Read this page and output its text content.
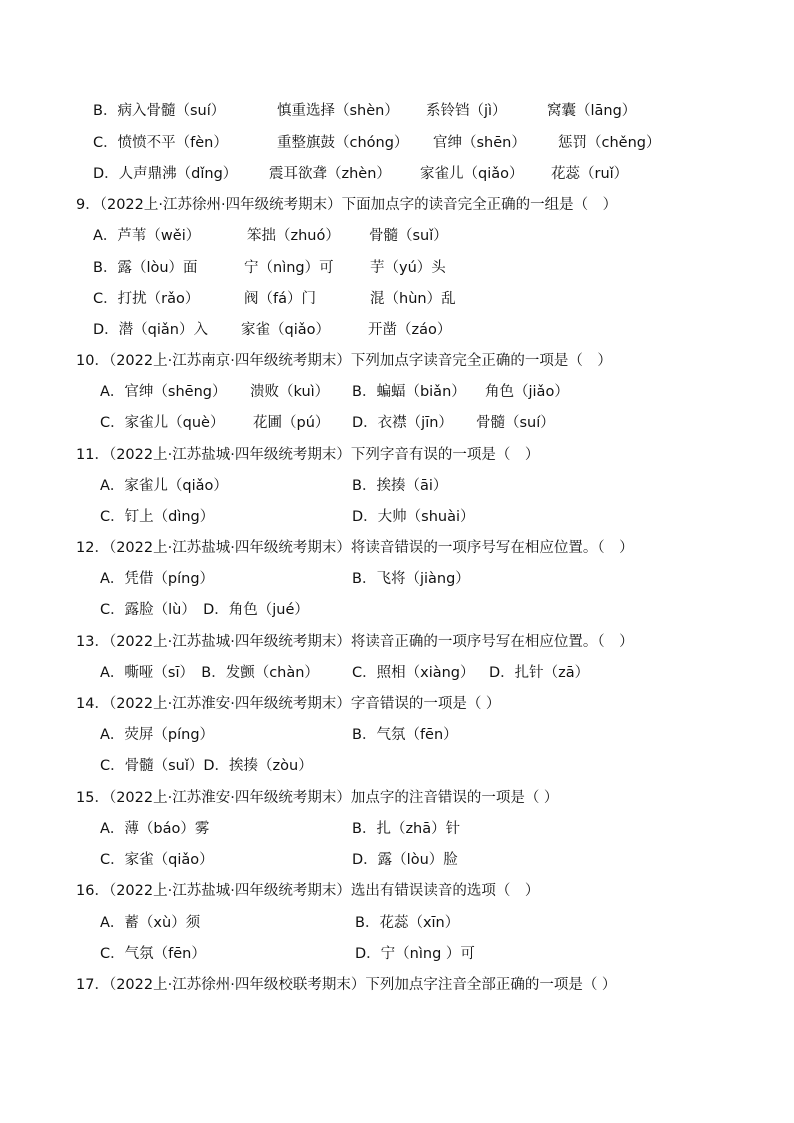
B．病入骨髓（suí）	慎重选择（shèn） 系铃铛（jì）	窝囊（lāng）
C．愤愤不平（fèn）	重整旗鼓（chóng） 官绅（shēn） 惩罚（chěng）
D．人声鼎沸（dǐng） 震耳欲聋（zhèn） 家雀儿（qiǎo） 花蕊（ruǐ）
9．（2022上·江苏徐州·四年级统考期末）下面加点字的读音完全正确的一组是（　）
A．芦苇（wěi）	笨拙（zhuó） 骨髓（suǐ）
B．露（lòu）面	宁（nìng）可	芋（yú）头
C．打扰（rǎo）	阀（fá）门	混（hùn）乱
D．潜（qiǎn）入 家雀（qiǎo）	开凿（záo）
10．（2022上·江苏南京·四年级统考期末）下列加点字读音完全正确的一项是（　）
A．官绅（shēng） 溃败（kuì） B．蝙蝠（biǎn） 角色（jiǎo）
C．家雀儿（què） 花圃（pú） D．衣襟（jīn） 骨髓（suí）
11．（2022上·江苏盐城·四年级统考期末）下列字音有误的一项是（　）
A．家雀儿（qiǎo）	B．挨揍（āi）
C．钉上（dìng）	D．大帅（shuài）
12．（2022上·江苏盐城·四年级统考期末）将读音错误的一项序号写在相应位置。（　）
A．凭借（píng）	B．飞将（jiàng）
C．露脸（lù）　D．角色（jué）
13．（2022上·江苏盐城·四年级统考期末）将读音正确的一项序号写在相应位置。（　）
A．嘶哑（sī）　B．发颤（chàn） C．照相（xiàng） D．扎针（zā）
14．（2022上·江苏淮安·四年级统考期末）字音错误的一项是（ ）
A．荧屏（píng）	B．气氛（fēn）
C．骨髓（suǐ）D．挨揍（zòu）
15．（2022上·江苏淮安·四年级统考期末）加点字的注音错误的一项是（ ）
A．薄（báo）雾	B．扎（zhā）针
C．家雀（qiǎo）	D．露（lòu）脸
16．（2022上·江苏盐城·四年级统考期末）选出有错误读音的选项（　）
A．蓄（xù）须	B．花蕊（xīn）
C．气氛（fēn）	D．宁（nìng ）可
17．（2022上·江苏徐州·四年级校联考期末）下列加点字注音全部正确的一项是（ ）
